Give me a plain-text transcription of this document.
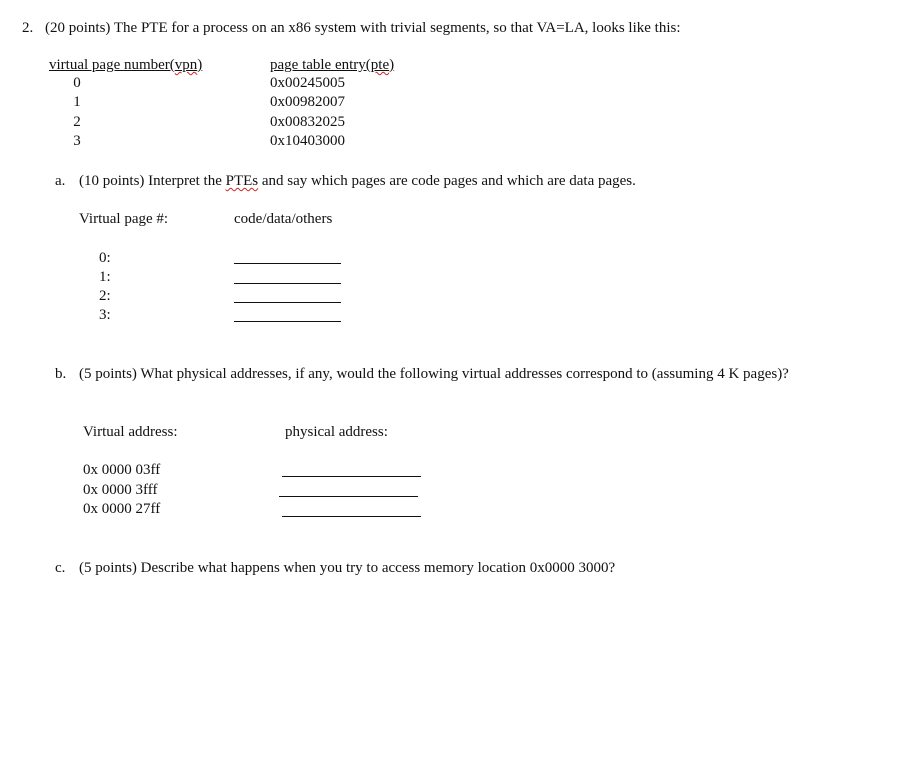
2. (20 points) The PTE for a process on an x86 system with trivial segments, so that VA=LA, looks like this:
virtual page number(vpn)	page table entry(pte)
0	0x00245005
1	0x00982007
2	0x00832025
3	0x10403000
a. (10 points) Interpret the PTEs and say which pages are code pages and which are data pages.
Virtual page #:	code/data/others
0:
1:
2:
3:
b. (5 points) What physical addresses, if any, would the following virtual addresses correspond to (assuming 4 K pages)?
Virtual address:	physical address:
0x 0000 03ff
0x 0000 3fff
0x 0000 27ff
c. (5 points) Describe what happens when you try to access memory location 0x0000 3000?
